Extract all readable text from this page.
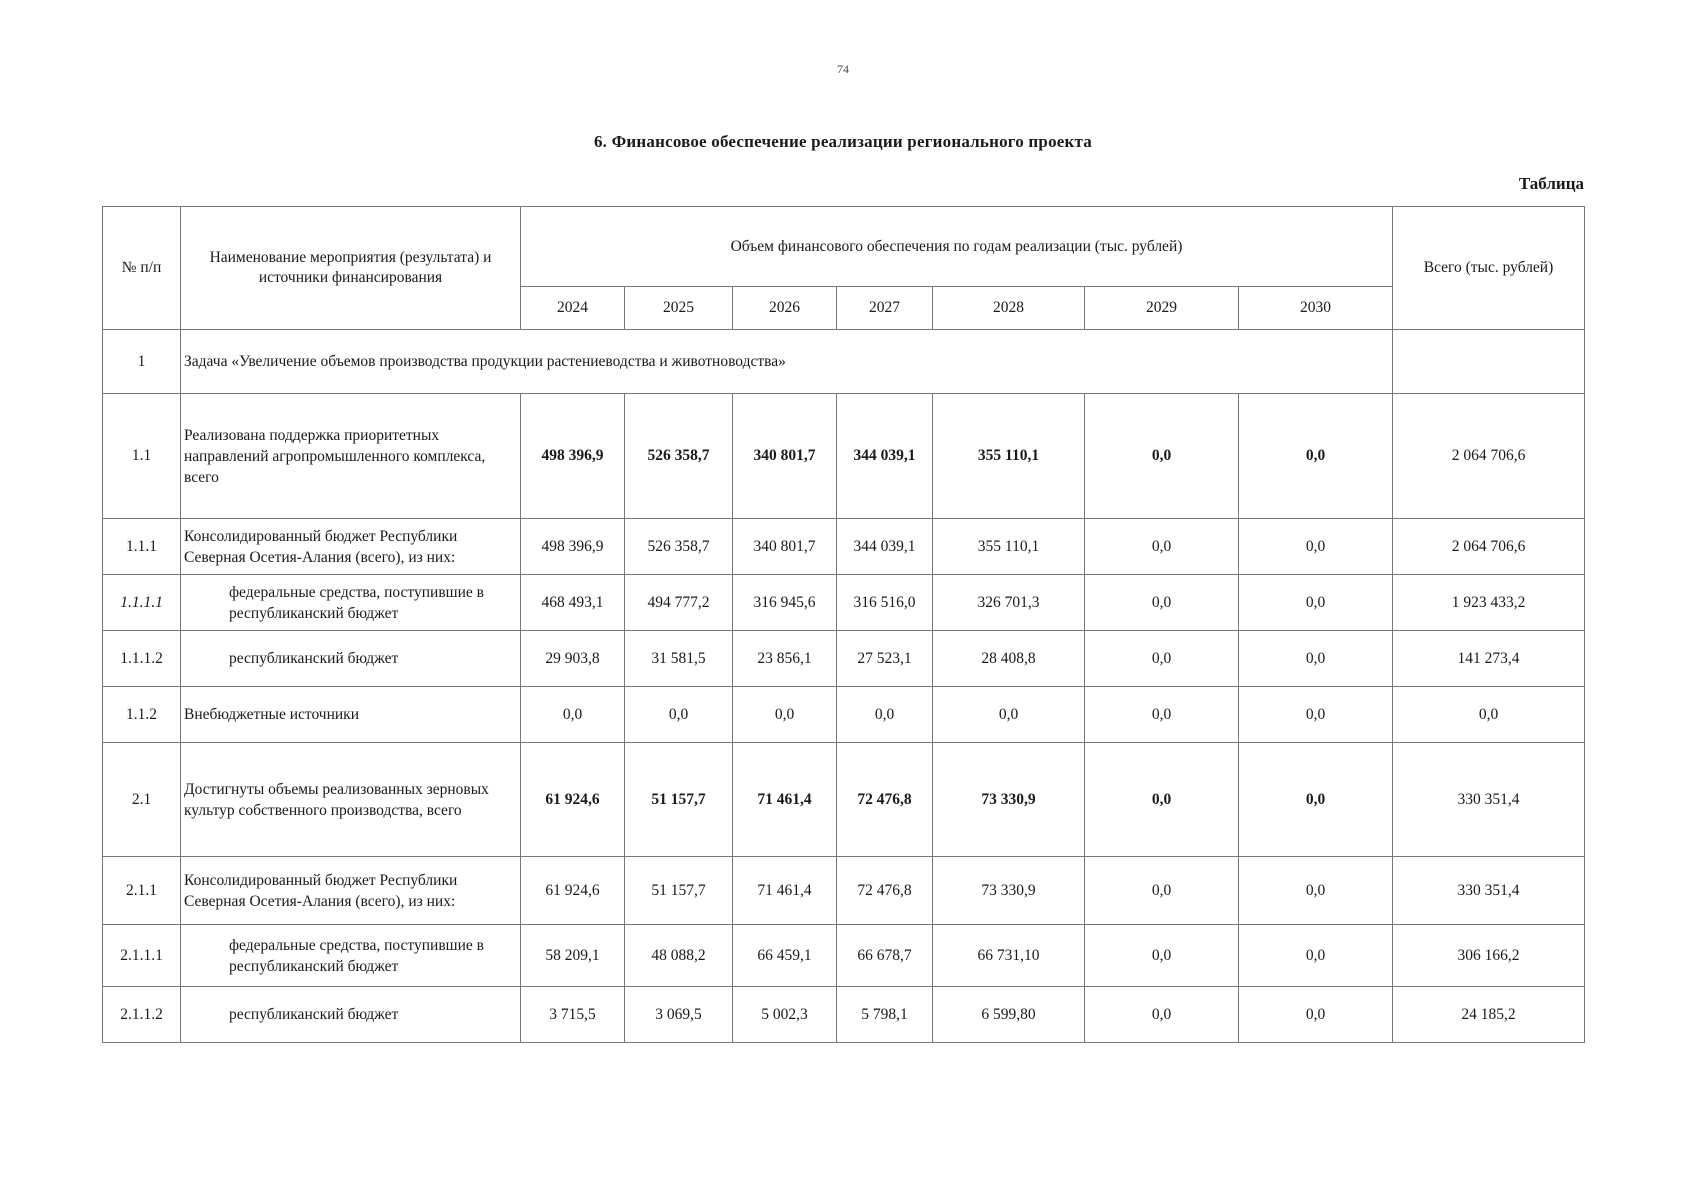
74
6. Финансовое обеспечение реализации регионального проекта
Таблица
№ п/п	Наименование мероприятия (результата) и источники финансирования	Объем финансового обеспечения по годам реализации (тыс. рублей)							Всего (тыс. рублей)
		2024	2025	2026	2027	2028	2029	2030	
1	Задача «Увеличение объемов производства продукции растениеводства и животноводства»								
1.1	Реализована поддержка приоритетных направлений агропромышленного комплекса, всего	498 396,9	526 358,7	340 801,7	344 039,1	355 110,1	0,0	0,0	2 064 706,6
1.1.1	Консолидированный бюджет Республики Северная Осетия-Алания (всего), из них:	498 396,9	526 358,7	340 801,7	344 039,1	355 110,1	0,0	0,0	2 064 706,6
1.1.1.1	федеральные средства, поступившие в республиканский бюджет	468 493,1	494 777,2	316 945,6	316 516,0	326 701,3	0,0	0,0	1 923 433,2
1.1.1.2	республиканский бюджет	29 903,8	31 581,5	23 856,1	27 523,1	28 408,8	0,0	0,0	141 273,4
1.1.2	Внебюджетные источники	0,0	0,0	0,0	0,0	0,0	0,0	0,0	0,0
2.1	Достигнуты объемы реализованных зерновых культур собственного производства, всего	61 924,6	51 157,7	71 461,4	72 476,8	73 330,9	0,0	0,0	330 351,4
2.1.1	Консолидированный бюджет Республики Северная Осетия-Алания (всего), из них:	61 924,6	51 157,7	71 461,4	72 476,8	73 330,9	0,0	0,0	330 351,4
2.1.1.1	федеральные средства, поступившие в республиканский бюджет	58 209,1	48 088,2	66 459,1	66 678,7	66 731,10	0,0	0,0	306 166,2
2.1.1.2	республиканский бюджет	3 715,5	3 069,5	5 002,3	5 798,1	6 599,80	0,0	0,0	24 185,2
